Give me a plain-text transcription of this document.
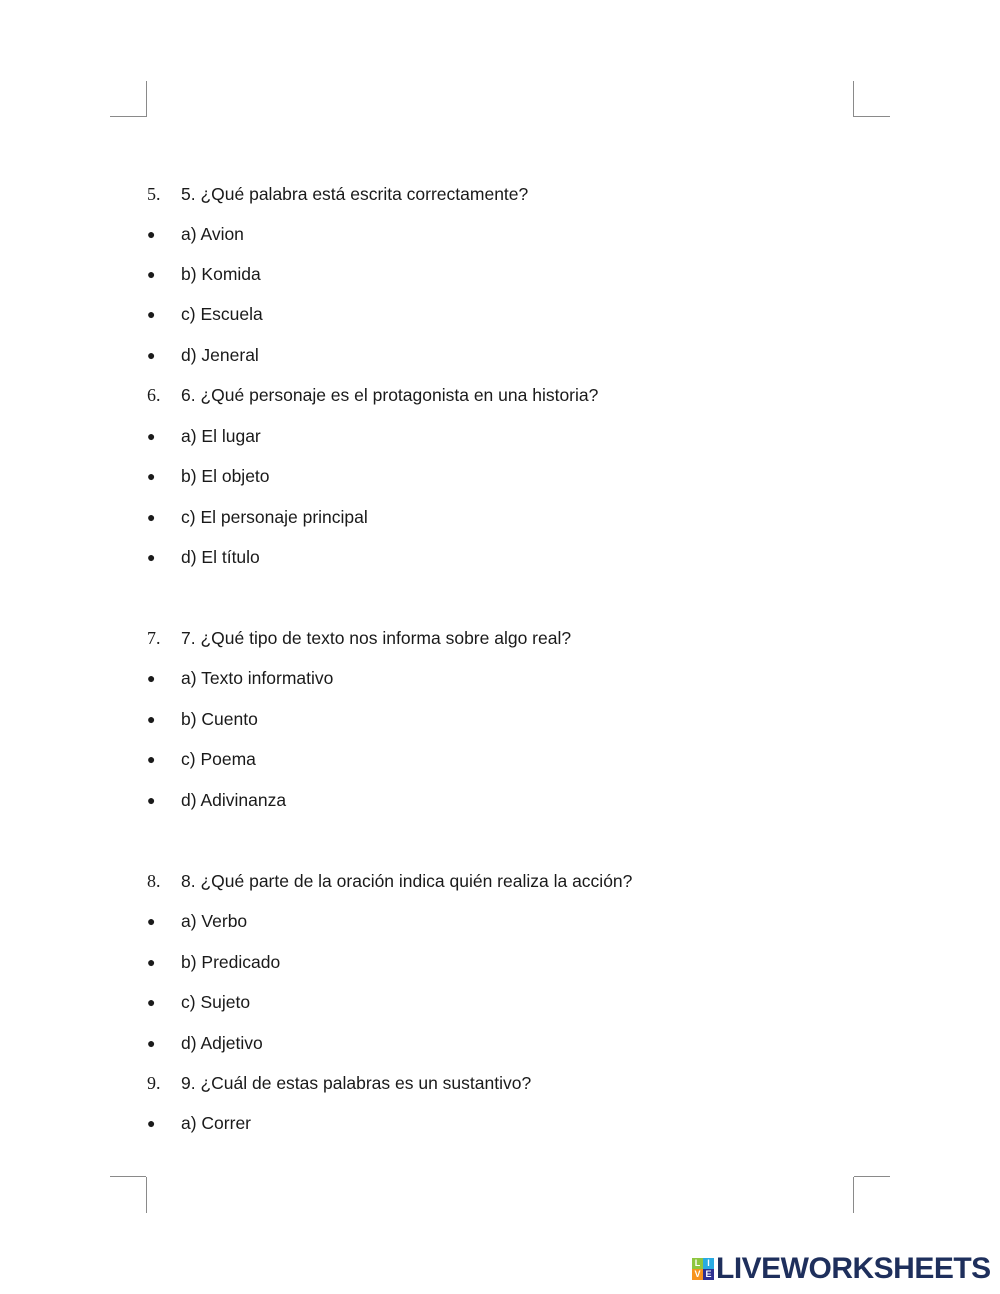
5. 5. ¿Qué palabra está escrita correctamente?
● a) Avion
● b) Komida
● c) Escuela
● d) Jeneral
6. 6. ¿Qué personaje es el protagonista en una historia?
● a) El lugar
● b) El objeto
● c) El personaje principal
● d) El título
7. 7. ¿Qué tipo de texto nos informa sobre algo real?
● a) Texto informativo
● b) Cuento
● c) Poema
● d) Adivinanza
8. 8. ¿Qué parte de la oración indica quién realiza la acción?
● a) Verbo
● b) Predicado
● c) Sujeto
● d) Adjetivo
9. 9. ¿Cuál de estas palabras es un sustantivo?
● a) Correr
L I
V E LIVEWORKSHEETS
